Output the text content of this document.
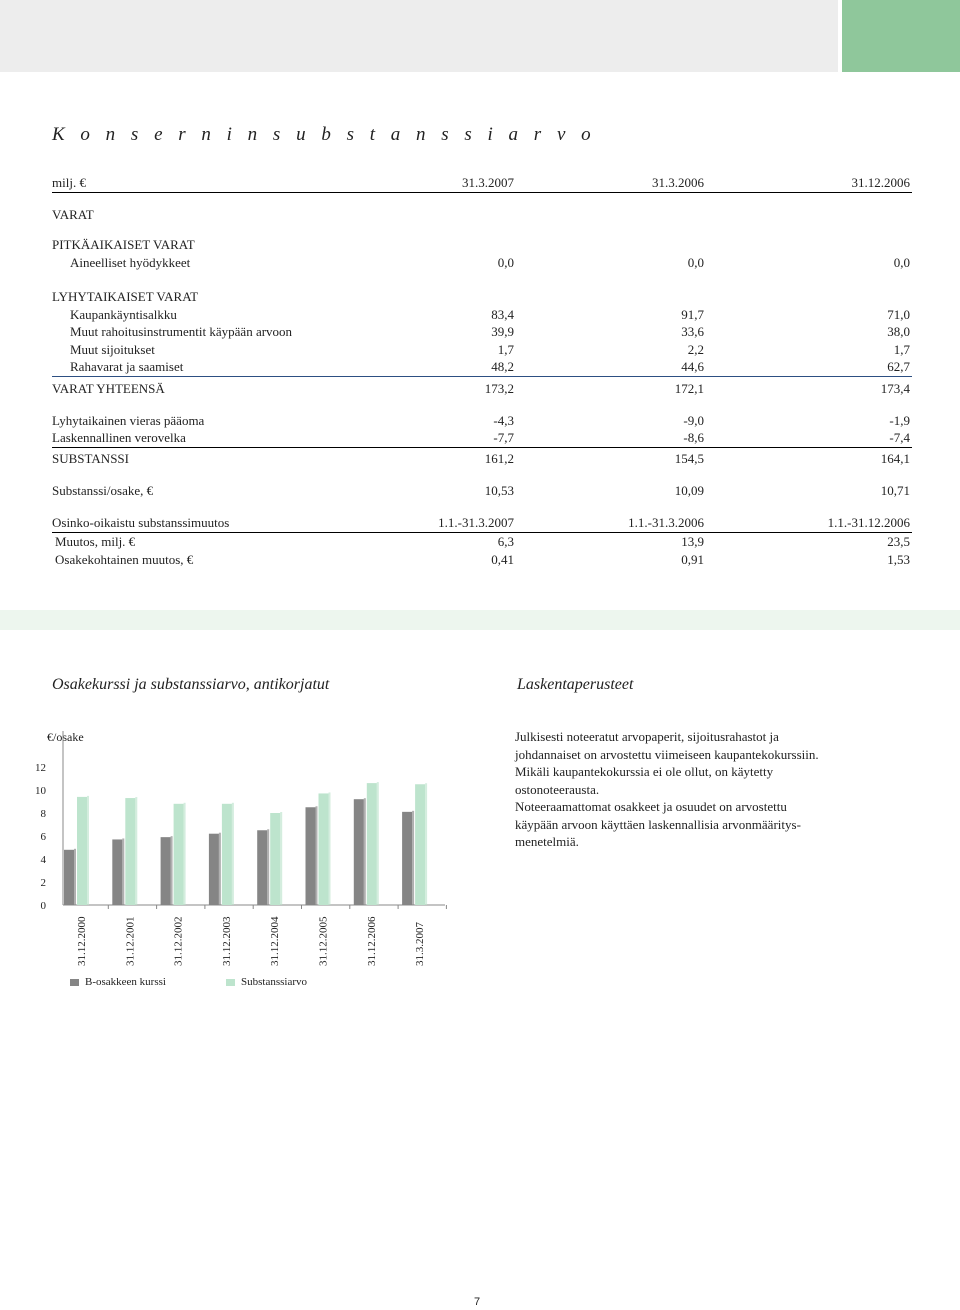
K o n s e r n i n s u b s t a n s s i a r v o
milj. €	31.3.2007	31.3.2006	31.12.2006
VARAT
PITKÄAIKAISET VARAT
Aineelliset hyödykkeet	0,0	0,0	0,0
LYHYTAIKAISET VARAT
Kaupankäyntisalkku	83,4	91,7	71,0
Muut rahoitusinstrumentit käypään arvoon	39,9	33,6	38,0
Muut sijoitukset	1,7	2,2	1,7
Rahavarat ja saamiset	48,2	44,6	62,7
VARAT YHTEENSÄ	173,2	172,1	173,4
Lyhytaikainen vieras pääoma	-4,3	-9,0	-1,9
Laskennallinen verovelka	-7,7	-8,6	-7,4
SUBSTANSSI	161,2	154,5	164,1
Substanssi/osake, €	10,53	10,09	10,71
Osinko-oikaistu substanssimuutos	1.1.-31.3.2007	1.1.-31.3.2006	1.1.-31.12.2006
Muutos, milj. €	6,3	13,9	23,5
Osakekohtainen muutos, €	0,41	0,91	1,53
Osakekurssi ja substanssiarvo, antikorjatut	Laskentaperusteet
€/osake
0
2
4
6
8
10
12
31.12.2000	31.12.2001	31.12.2002	31.12.2003	31.12.2004	31.12.2005	31.12.2006	31.3.2007
B-osakkeen kurssi	Substanssiarvo

Julkisesti noteeratut arvopaperit, sijoitusrahastot ja johdannaiset on arvostettu viimeiseen kaupantekokurssiin. Mikäli kaupantekokurssia ei ole ollut, on käytetty ostonoteerausta.

Noteeraamattomat osakkeet ja osuudet on arvostettu käypään arvoon käyttäen laskennallisia arvonmääritys-menetelmiä.

7
